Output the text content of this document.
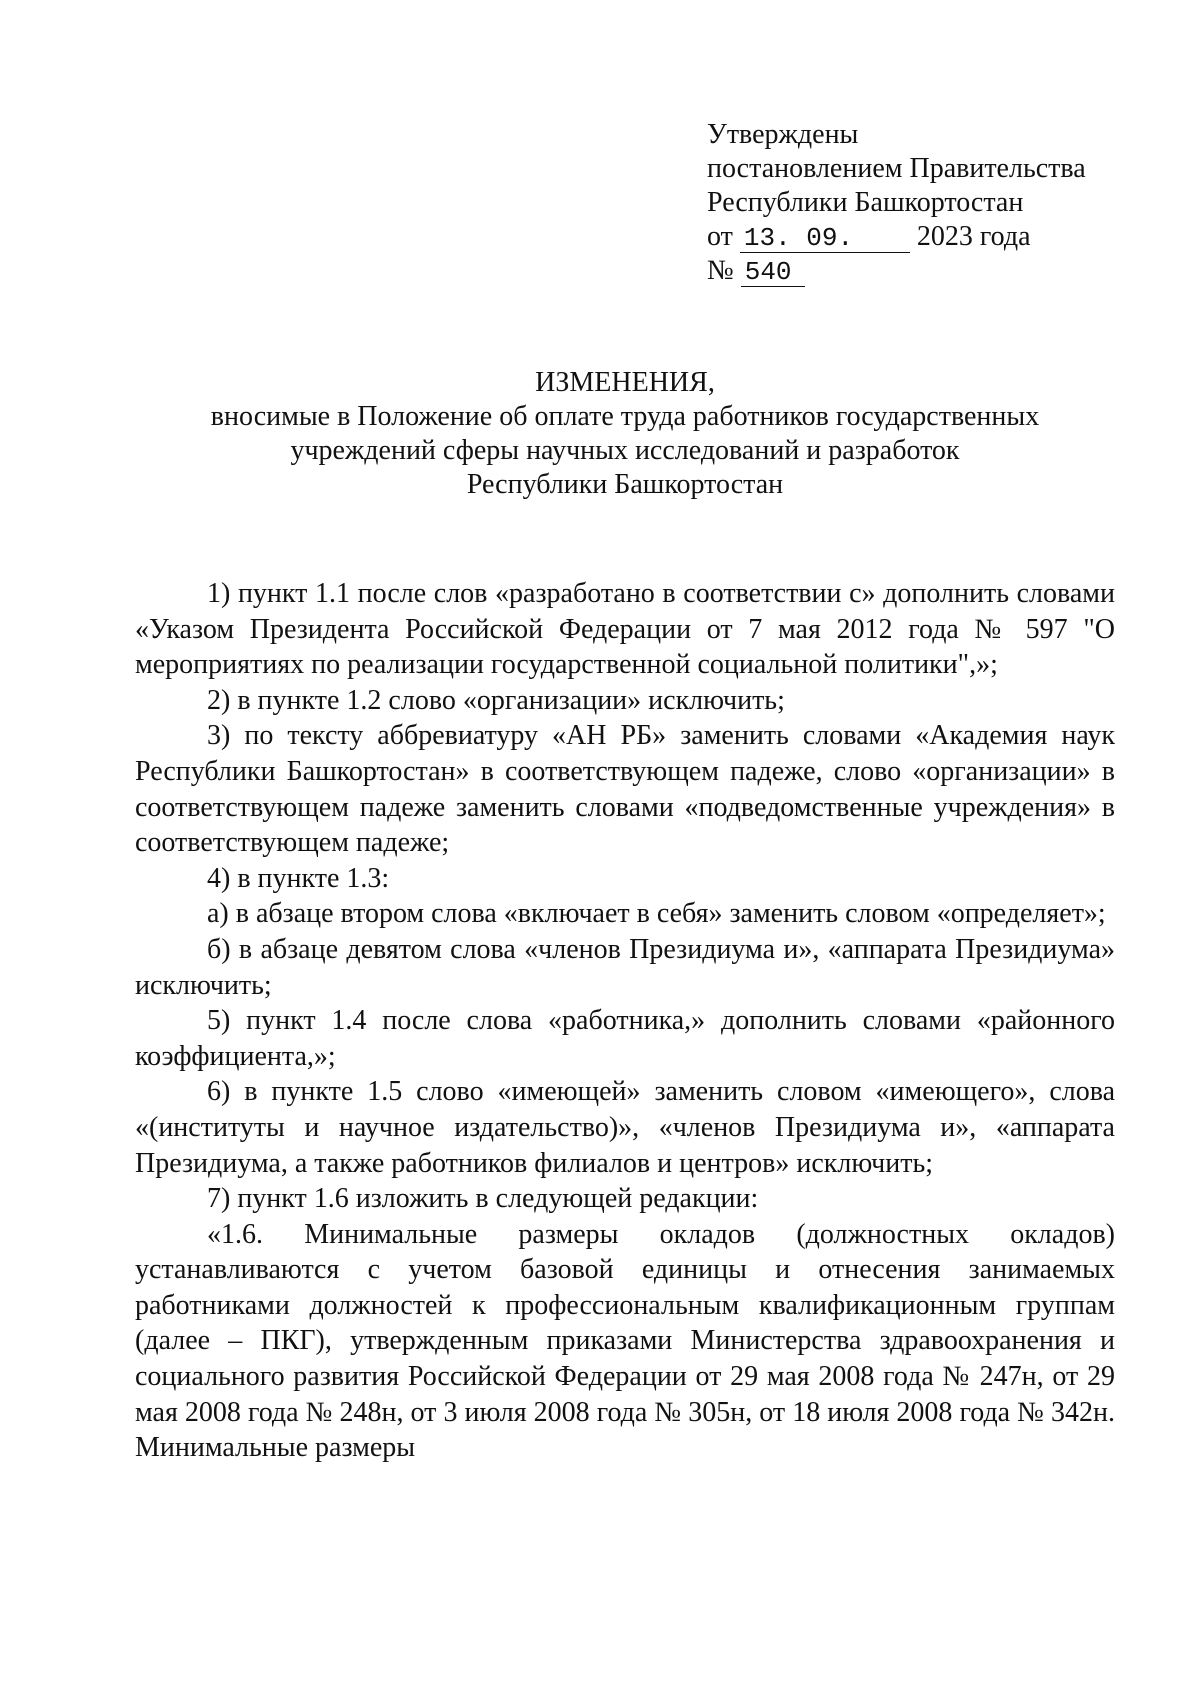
Утверждены
постановлением Правительства
Республики Башкортостан
от 13. 09. 2023 года
№ 540
ИЗМЕНЕНИЯ,
вносимые в Положение об оплате труда работников государственных
учреждений сферы научных исследований и разработок
Республики Башкортостан

1) пункт 1.1 после слов «разработано в соответствии с» дополнить словами «Указом Президента Российской Федерации от 7 мая 2012 года № 597 "О мероприятиях по реализации государственной социальной политики",»;

2) в пункте 1.2 слово «организации» исключить;

3) по тексту аббревиатуру «АН РБ» заменить словами «Академия наук Республики Башкортостан» в соответствующем падеже, слово «организации» в соответствующем падеже заменить словами «подведомственные учреждения» в соответствующем падеже;

4) в пункте 1.3:

а) в абзаце втором слова «включает в себя» заменить словом «определяет»;

б) в абзаце девятом слова «членов Президиума и», «аппарата Президиума» исключить;

5) пункт 1.4 после слова «работника,» дополнить словами «районного коэффициента,»;

6) в пункте 1.5 слово «имеющей» заменить словом «имеющего», слова «(институты и научное издательство)», «членов Президиума и», «аппарата Президиума, а также работников филиалов и центров» исключить;

7) пункт 1.6 изложить в следующей редакции:

«1.6. Минимальные размеры окладов (должностных окладов) устанавливаются с учетом базовой единицы и отнесения занимаемых работниками должностей к профессиональным квалификационным группам (далее – ПКГ), утвержденным приказами Министерства здравоохранения и социального развития Российской Федерации от 29 мая 2008 года № 247н, от 29 мая 2008 года № 248н, от 3 июля 2008 года № 305н, от 18 июля 2008 года № 342н. Минимальные размеры
